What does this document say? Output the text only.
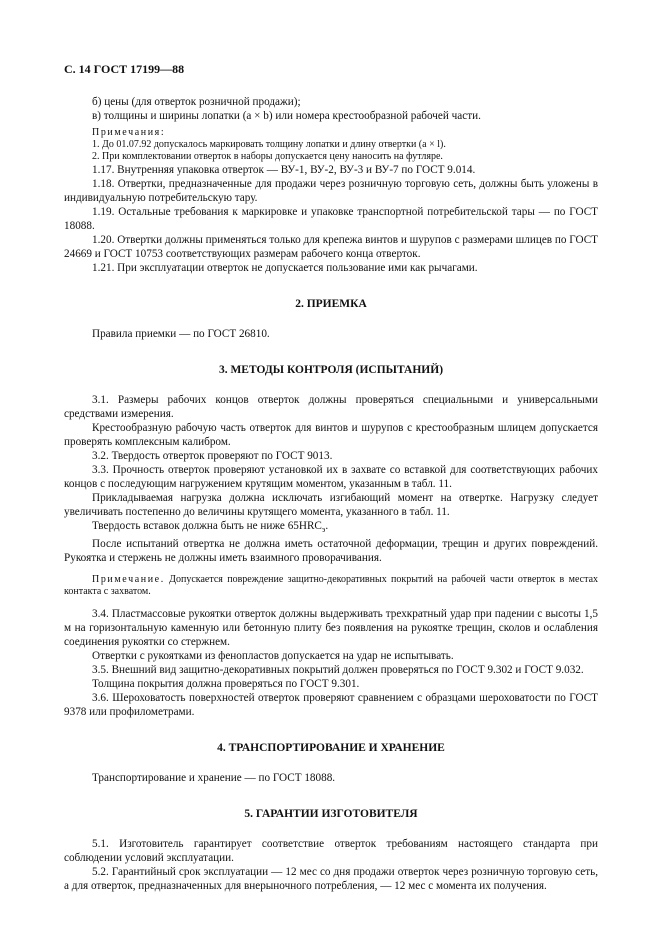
С. 14 ГОСТ 17199—88

б) цены (для отверток розничной продажи);

в) толщины и ширины лопатки (a × b) или номера крестообразной рабочей части.

Примечания:

1. До 01.07.92 допускалось маркировать толщину лопатки и длину отвертки (a × l).

2. При комплектовании отверток в наборы допускается цену наносить на футляре.

1.17. Внутренняя упаковка отверток — ВУ-1, ВУ-2, ВУ-3 и ВУ-7 по ГОСТ 9.014.

1.18. Отвертки, предназначенные для продажи через розничную торговую сеть, должны быть уложены в индивидуальную потребительскую тару.

1.19. Остальные требования к маркировке и упаковке транспортной потребительской тары — по ГОСТ 18088.

1.20. Отвертки должны применяться только для крепежа винтов и шурупов с размерами шлицев по ГОСТ 24669 и ГОСТ 10753 соответствующих размерам рабочего конца отверток.

1.21. При эксплуатации отверток не допускается пользование ими как рычагами.

2. ПРИЕМКА

Правила приемки — по ГОСТ 26810.

3. МЕТОДЫ КОНТРОЛЯ (ИСПЫТАНИЙ)

3.1. Размеры рабочих концов отверток должны проверяться специальными и универсальными средствами измерения.

Крестообразную рабочую часть отверток для винтов и шурупов с крестообразным шлицем допускается проверять комплексным калибром.

3.2. Твердость отверток проверяют по ГОСТ 9013.

3.3. Прочность отверток проверяют установкой их в захвате со вставкой для соответствующих рабочих концов с последующим нагружением крутящим моментом, указанным в табл. 11.

Прикладываемая нагрузка должна исключать изгибающий момент на отвертке. Нагрузку следует увеличивать постепенно до величины крутящего момента, указанного в табл. 11.

Твердость вставок должна быть не ниже $65HRC_э$.

После испытаний отвертка не должна иметь остаточной деформации, трещин и других повреждений. Рукоятка и стержень не должны иметь взаимного проворачивания.

Примечание. Допускается повреждение защитно-декоративных покрытий на рабочей части отверток в местах контакта с захватом.

3.4. Пластмассовые рукоятки отверток должны выдерживать трехкратный удар при падении с высоты 1,5 м на горизонтальную каменную или бетонную плиту без появления на рукоятке трещин, сколов и ослабления соединения рукоятки со стержнем.

Отвертки с рукоятками из фенопластов допускается на удар не испытывать.

3.5. Внешний вид защитно-декоративных покрытий должен проверяться по ГОСТ 9.302 и ГОСТ 9.032.

Толщина покрытия должна проверяться по ГОСТ 9.301.

3.6. Шероховатость поверхностей отверток проверяют сравнением с образцами шероховатости по ГОСТ 9378 или профилометрами.

4. ТРАНСПОРТИРОВАНИЕ И ХРАНЕНИЕ

Транспортирование и хранение — по ГОСТ 18088.

5. ГАРАНТИИ ИЗГОТОВИТЕЛЯ

5.1. Изготовитель гарантирует соответствие отверток требованиям настоящего стандарта при соблюдении условий эксплуатации.

5.2. Гарантийный срок эксплуатации — 12 мес со дня продажи отверток через розничную торговую сеть, а для отверток, предназначенных для внерыночного потребления, — 12 мес с момента их получения.
